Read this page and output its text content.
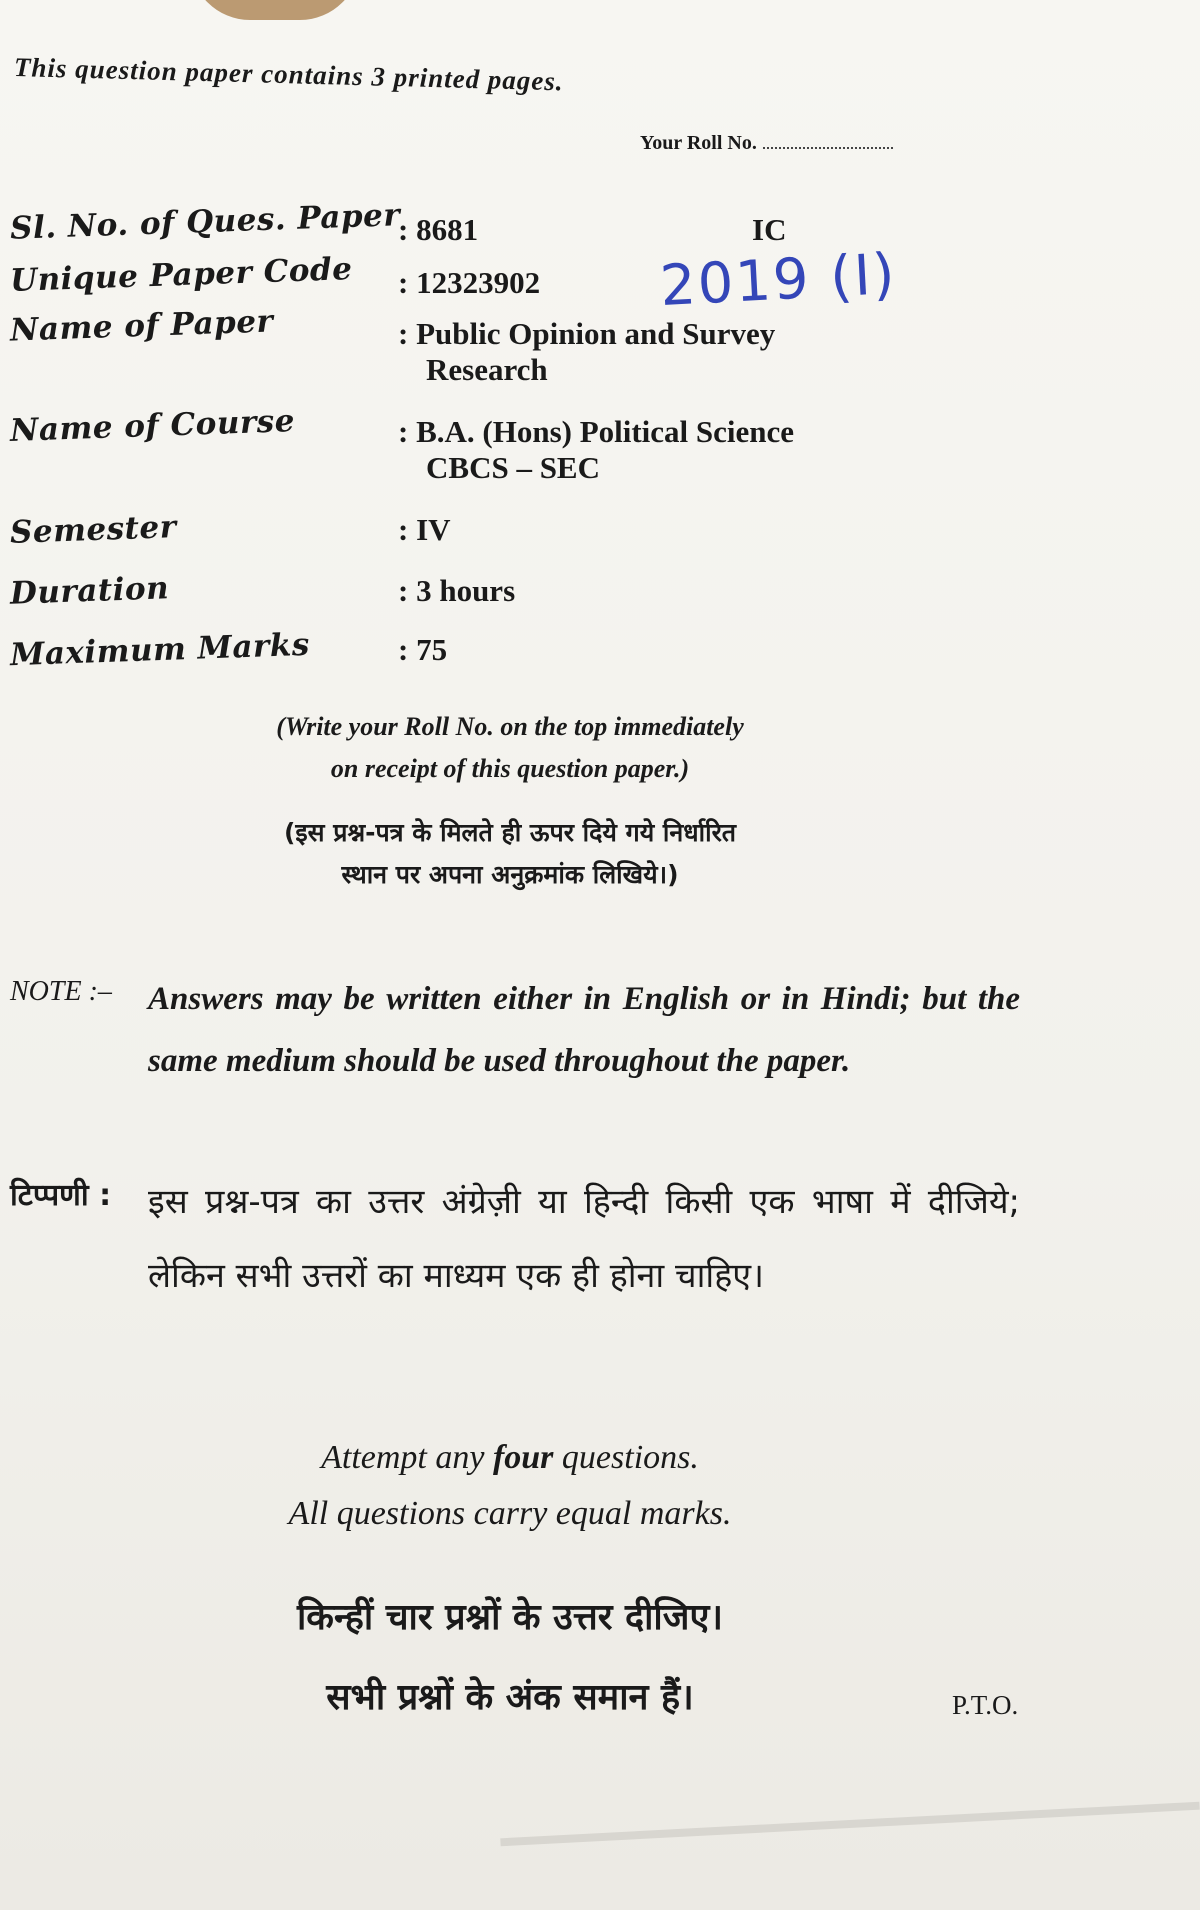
This question paper contains 3 printed pages.
Your Roll No.
Sl. No. of Ques. Paper
: 8681	IC
Unique Paper Code : 12323902 2019 (I)
Name of Paper	: Public Opinion and Survey
Research
Name of Course	: B.A. (Hons) Political Science
CBCS – SEC
Semester	: IV
Duration	: 3 hours
Maximum Marks	: 75
(Write your Roll No. on the top immediately
on receipt of this question paper.)
(इस प्रश्न-पत्र के मिलते ही ऊपर दिये गये निर्धारित
स्थान पर अपना अनुक्रमांक लिखिये।)
NOTE :– Answers may be written either in English or in Hindi; but the same medium should be used throughout the paper.
टिप्पणी : इस प्रश्न-पत्र का उत्तर अंग्रेज़ी या हिन्दी किसी एक भाषा में दीजिये; लेकिन सभी उत्तरों का माध्यम एक ही होना चाहिए।
Attempt any four questions.
All questions carry equal marks.
किन्हीं चार प्रश्नों के उत्तर दीजिए।
सभी प्रश्नों के अंक समान हैं।	P.T.O.
